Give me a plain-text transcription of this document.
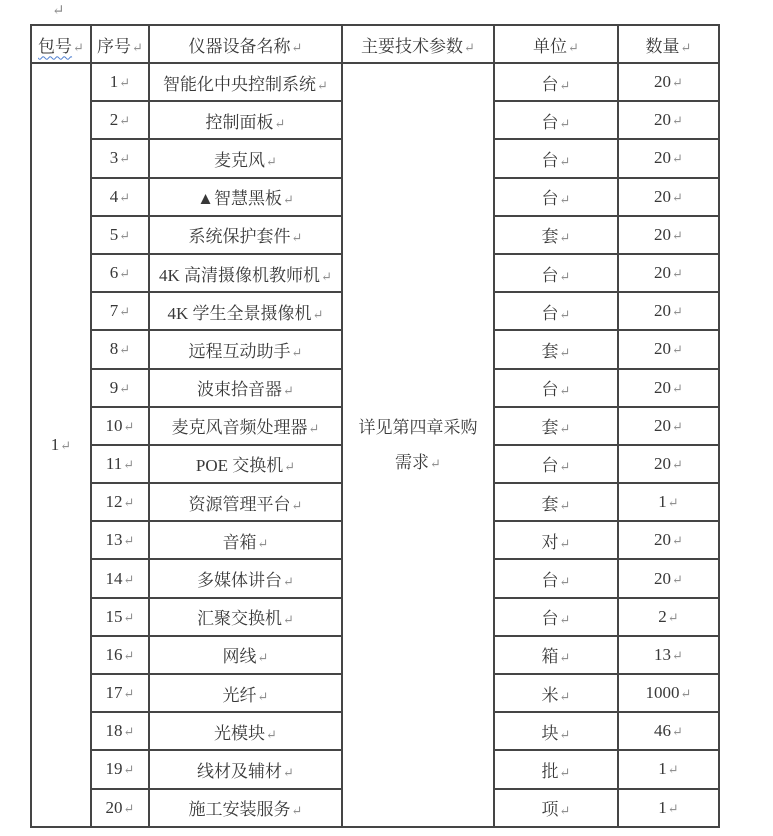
↵
包号↵	序号↵	仪器设备名称↵	主要技术参数↵	单位↵	数量↵
1↵	1↵	智能化中央控制系统↵	详见第四章采购需求↵	台↵	20↵
	2↵	控制面板↵		台↵	20↵
	3↵	麦克风↵		台↵	20↵
	4↵	▲智慧黑板↵		台↵	20↵
	5↵	系统保护套件↵		套↵	20↵
	6↵	4K 高清摄像机教师机↵		台↵	20↵
	7↵	4K 学生全景摄像机↵		台↵	20↵
	8↵	远程互动助手↵		套↵	20↵
	9↵	波束拾音器↵		台↵	20↵
	10↵	麦克风音频处理器↵		套↵	20↵
	11↵	POE 交换机↵		台↵	20↵
	12↵	资源管理平台↵		套↵	1↵
	13↵	音箱↵		对↵	20↵
	14↵	多媒体讲台↵		台↵	20↵
	15↵	汇聚交换机↵		台↵	2↵
	16↵	网线↵		箱↵	13↵
	17↵	光纤↵		米↵	1000↵
	18↵	光模块↵		块↵	46↵
	19↵	线材及辅材↵		批↵	1↵
	20↵	施工安装服务↵		项↵	1↵
